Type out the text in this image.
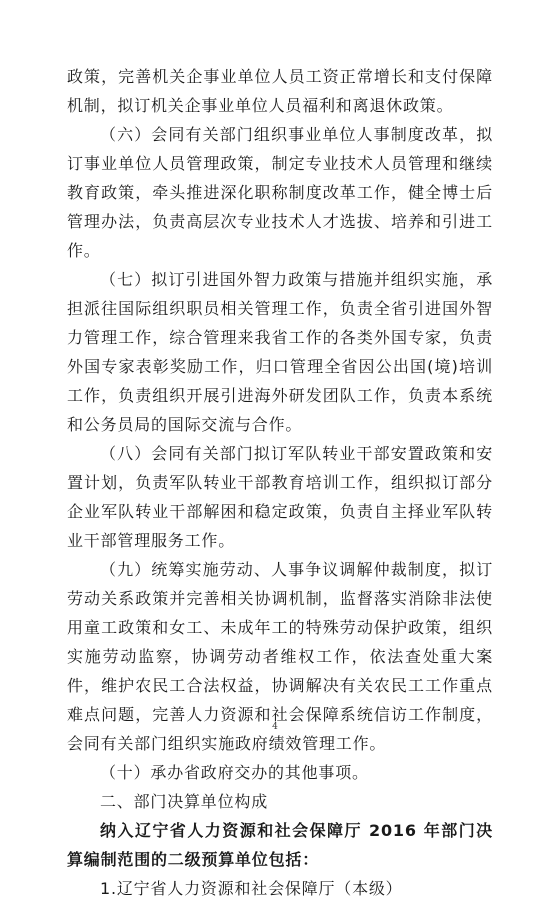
政策，完善机关企事业单位人员工资正常增长和支付保障机制，拟订机关企事业单位人员福利和离退休政策。

（六）会同有关部门组织事业单位人事制度改革，拟订事业单位人员管理政策，制定专业技术人员管理和继续教育政策，牵头推进深化职称制度改革工作，健全博士后管理办法，负责高层次专业技术人才选拔、培养和引进工作。

（七）拟订引进国外智力政策与措施并组织实施，承担派往国际组织职员相关管理工作，负责全省引进国外智力管理工作，综合管理来我省工作的各类外国专家，负责外国专家表彰奖励工作，归口管理全省因公出国(境)培训工作，负责组织开展引进海外研发团队工作，负责本系统和公务员局的国际交流与合作。

（八）会同有关部门拟订军队转业干部安置政策和安置计划，负责军队转业干部教育培训工作，组织拟订部分企业军队转业干部解困和稳定政策，负责自主择业军队转业干部管理服务工作。

（九）统筹实施劳动、人事争议调解仲裁制度，拟订劳动关系政策并完善相关协调机制，监督落实消除非法使用童工政策和女工、未成年工的特殊劳动保护政策，组织实施劳动监察，协调劳动者维权工作，依法查处重大案件，维护农民工合法权益，协调解决有关农民工工作重点难点问题，完善人力资源和社会保障系统信访工作制度，会同有关部门组织实施政府绩效管理工作。

（十）承办省政府交办的其他事项。

二、部门决算单位构成

纳入辽宁省人力资源和社会保障厅 2016 年部门决算编制范围的二级预算单位包括：

1.辽宁省人力资源和社会保障厅（本级）

4
